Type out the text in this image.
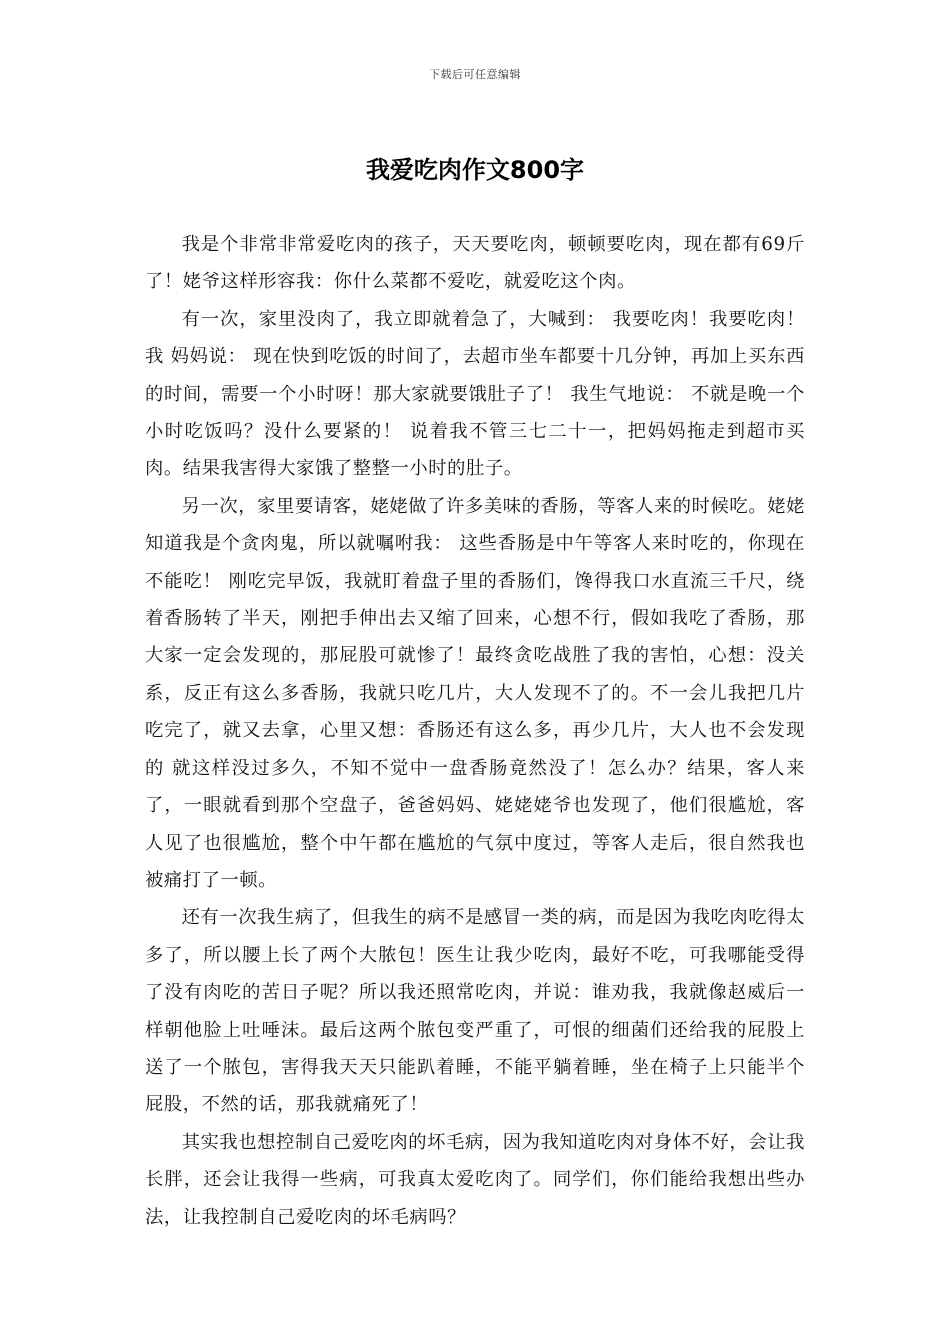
下载后可任意编辑
我爱吃肉作文800字

我是个非常非常爱吃肉的孩子，天天要吃肉，顿顿要吃肉，现在都有69斤了！姥爷这样形容我：你什么菜都不爱吃，就爱吃这个肉。

有一次，家里没肉了，我立即就着急了，大喊到： 我要吃肉！我要吃肉！ 我 妈妈说： 现在快到吃饭的时间了，去超市坐车都要十几分钟，再加上买东西的时间，需要一个小时呀！那大家就要饿肚子了！ 我生气地说： 不就是晚一个小时吃饭吗？没什么要紧的！ 说着我不管三七二十一，把妈妈拖走到超市买肉。结果我害得大家饿了整整一小时的肚子。

另一次，家里要请客，姥姥做了许多美味的香肠，等客人来的时候吃。姥姥知道我是个贪肉鬼，所以就嘱咐我： 这些香肠是中午等客人来时吃的，你现在不能吃！ 刚吃完早饭，我就盯着盘子里的香肠们，馋得我口水直流三千尺，绕着香肠转了半天，刚把手伸出去又缩了回来，心想不行，假如我吃了香肠，那大家一定会发现的，那屁股可就惨了！最终贪吃战胜了我的害怕，心想：没关系，反正有这么多香肠，我就只吃几片，大人发现不了的。不一会儿我把几片吃完了，就又去拿，心里又想：香肠还有这么多，再少几片，大人也不会发现的 就这样没过多久，不知不觉中一盘香肠竟然没了！怎么办？结果，客人来了，一眼就看到那个空盘子，爸爸妈妈、姥姥姥爷也发现了，他们很尴尬，客人见了也很尴尬，整个中午都在尴尬的气氛中度过，等客人走后，很自然我也被痛打了一顿。

还有一次我生病了，但我生的病不是感冒一类的病，而是因为我吃肉吃得太多了，所以腰上长了两个大脓包！医生让我少吃肉，最好不吃，可我哪能受得了没有肉吃的苦日子呢？所以我还照常吃肉，并说：谁劝我，我就像赵威后一样朝他脸上吐唾沫。最后这两个脓包变严重了，可恨的细菌们还给我的屁股上送了一个脓包，害得我天天只能趴着睡，不能平躺着睡，坐在椅子上只能半个屁股，不然的话，那我就痛死了！

其实我也想控制自己爱吃肉的坏毛病，因为我知道吃肉对身体不好，会让我长胖，还会让我得一些病，可我真太爱吃肉了。同学们，你们能给我想出些办法，让我控制自己爱吃肉的坏毛病吗？
